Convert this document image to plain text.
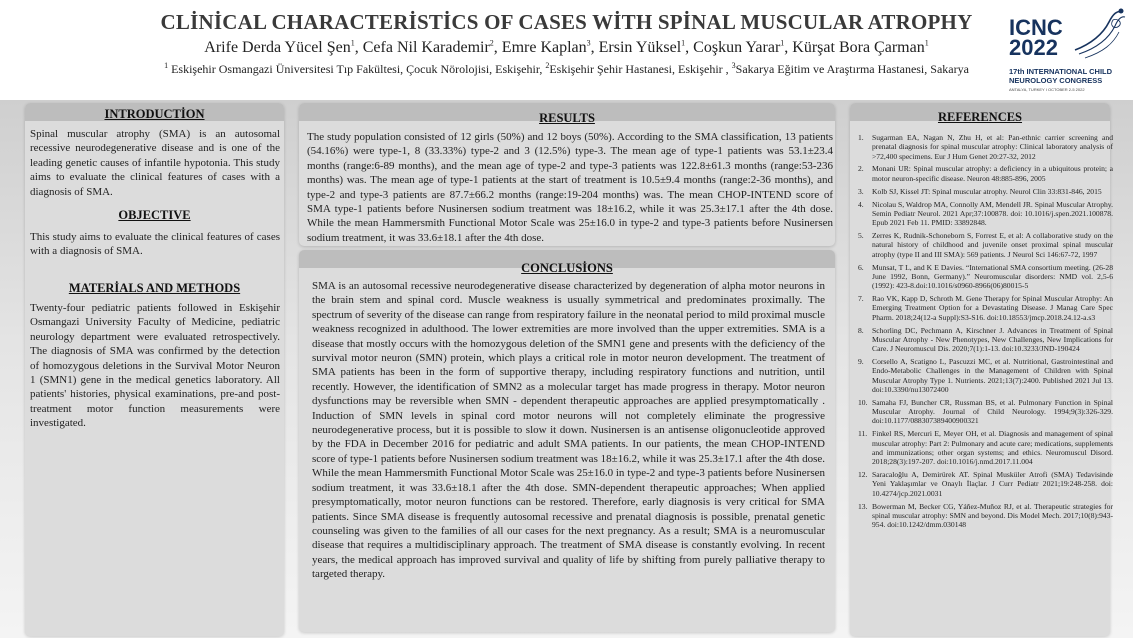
CLİNİCAL CHARACTERİSTİCS OF CASES WİTH SPİNAL MUSCULAR ATROPHY
Arife Derda Yücel Şen$^1$, Cefa Nil Karademir$^2$, Emre Kaplan$^3$, Ersin Yüksel$^1$, Coşkun Yarar$^1$, Kürşat Bora Çarman$^1$
$^1$ Eskişehir Osmangazi Üniversitesi Tıp Fakültesi, Çocuk Nörolojisi, Eskişehir, $^2$Eskişehir Şehir Hastanesi, Eskişehir , $^3$Sakarya Eğitim ve Araştırma Hastanesi, Sakarya
ICNC
2022
17th INTERNATIONAL CHILD NEUROLOGY CONGRESS
ANTALYA, TURKEY I OCTOBER 2-5 2022
INTRODUCTİON
Spinal muscular atrophy (SMA) is an autosomal recessive neurodegenerative disease and is one of the leading genetic causes of infantile hypotonia. This study aims to evaluate the clinical features of cases with a diagnosis of SMA.
OBJECTIVE
This study aims to evaluate the clinical features of cases with a diagnosis of SMA.
MATERİALS AND METHODS
Twenty-four pediatric patients followed in Eskişehir Osmangazi University Faculty of Medicine, pediatric neurology department were evaluated retrospectively. The diagnosis of SMA was confirmed by the detection of homozygous deletions in the Survival Motor Neuron 1 (SMN1) gene in the medical genetics laboratory. All patients' histories, physical examinations, pre-and post-treatment motor function measurements were investigated.
RESULTS
The study population consisted of 12 girls (50%) and 12 boys (50%). According to the SMA classification, 13 patients (54.16%) were type-1, 8 (33.33%) type-2 and 3 (12.5%) type-3. The mean age of type-1 patients was 53.1±23.4 months (range:6-89 months), and the mean age of type-2 and type-3 patients was 122.8±61.3 months (range:53-236 months) was. The mean age of type-1 patients at the start of treatment is 10.5±9.4 months (range:2-36 months), and type-2 and type-3 patients are 87.7±66.2 months (range:19-204 months) was. The mean CHOP-INTEND score of SMA type-1 patients before Nusinersen sodium treatment was 18±16.2, while it was 25.3±17.1 after the 4th dose. While the mean Hammersmith Functional Motor Scale was 25±16.0 in type-2 and type-3 patients before Nusinersen sodium treatment, it was 33.6±18.1 after the 4th dose.
CONCLUSİONS
SMA is an autosomal recessive neurodegenerative disease characterized by degeneration of alpha motor neurons in the brain stem and spinal cord. Muscle weakness is usually symmetrical and predominates proximally. The spectrum of severity of the disease can range from respiratory failure in the neonatal period to mild proximal muscle weakness recognized in adulthood. The lower extremities are more involved than the upper extremities. SMA is a disease that mostly occurs with the homozygous deletion of the SMN1 gene and presents with the deficiency of the survival motor neuron (SMN) protein, which plays a critical role in motor neuron development. The treatment of SMA patients has been in the form of supportive therapy, including respiratory functions and nutrition, until recently. However, the identification of SMN2 as a molecular target has made progress in therapy. Motor neuron dysfunctions may be reversible when SMN - dependent therapeutic approaches are applied presymptomatically . Induction of SMN levels in spinal cord motor neurons will not completely eliminate the progressive neurodegenerative process, but it is possible to slow it down. Nusinersen is an antisense oligonucleotide approved by the FDA in December 2016 for pediatric and adult SMA patients. In our patients, the mean CHOP-INTEND score of type-1 patients before Nusinersen sodium treatment was 18±16.2, while it was 25.3±17.1 after the 4th dose. While the mean Hammersmith Functional Motor Scale was 25±16.0 in type-2 and type-3 patients before Nusinersen sodium treatment, it was 33.6±18.1 after the 4th dose. SMN-dependent therapeutic approaches; When applied presymptomatically, motor neuron functions can be restored. Therefore, early diagnosis is very critical for SMA patients. Since SMA disease is frequently autosomal recessive and prenatal diagnosis is possible, prenatal genetic counseling was given to the families of all our cases for the next pregnancy. As a result; SMA is a neuromuscular disease that requires a multidisciplinary approach. The treatment of SMA disease is constantly evolving. In recent years, the medical approach has improved survival and quality of life by shifting from purely palliative therapy to targeted therapy.
REFERENCES
1. Sugarman EA, Nagan N, Zhu H, et al: Pan-ethnic carrier screening and prenatal diagnosis for spinal muscular atrophy: Clinical laboratory analysis of >72,400 specimens. Eur J Hum Genet 20:27-32, 2012
2. Monani UR: Spinal muscular atrophy: a deficiency in a ubiquitous protein; a motor neuron-specific disease. Neuron 48:885-896, 2005
3. Kolb SJ, Kissel JT: Spinal muscular atrophy. Neurol Clin 33:831-846, 2015
4. Nicolau S, Waldrop MA, Connolly AM, Mendell JR. Spinal Muscular Atrophy. Semin Pediatr Neurol. 2021 Apr;37:100878. doi: 10.1016/j.spen.2021.100878. Epub 2021 Feb 11. PMID: 33892848.
5. Zerres K, Rudnik-Schoneborn S, Forrest E, et al: A collaborative study on the natural history of childhood and juvenile onset proximal spinal muscular atrophy (type II and III SMA): 569 patients. J Neurol Sci 146:67-72, 1997
6. Munsat, T L, and K E Davies. “International SMA consortium meeting. (26-28 June 1992, Bonn, Germany).” Neuromuscular disorders: NMD vol. 2,5-6 (1992): 423-8.doi:10.1016/s0960-8966(06)80015-5
7. Rao VK, Kapp D, Schroth M. Gene Therapy for Spinal Muscular Atrophy: An Emerging Treatment Option for a Devastating Disease. J Manag Care Spec Pharm. 2018;24(12-a Suppl):S3-S16. doi:10.18553/jmcp.2018.24.12-a.s3
8. Schorling DC, Pechmann A, Kirschner J. Advances in Treatment of Spinal Muscular Atrophy - New Phenotypes, New Challenges, New Implications for Care. J Neuromuscul Dis. 2020;7(1):1-13. doi:10.3233/JND-190424
9. Corsello A, Scatigno L, Pascuzzi MC, et al. Nutritional, Gastrointestinal and Endo-Metabolic Challenges in the Management of Children with Spinal Muscular Atrophy Type 1. Nutrients. 2021;13(7):2400. Published 2021 Jul 13. doi:10.3390/nu13072400
10. Samaha FJ, Buncher CR, Russman BS, et al. Pulmonary Function in Spinal Muscular Atrophy. Journal of Child Neurology. 1994;9(3):326-329. doi:10.1177/088307389400900321
11. Finkel RS, Mercuri E, Meyer OH, et al. Diagnosis and management of spinal muscular atrophy: Part 2: Pulmonary and acute care; medications, supplements and immunizations; other organ systems; and ethics. Neuromuscul Disord. 2018;28(3):197-207. doi:10.1016/j.nmd.2017.11.004
12. Saracaloğlu A, Demirürek AT. Spinal Musküler Atrofi (SMA) Tedavisinde Yeni Yaklaşımlar ve Onaylı İlaçlar. J Curr Pediatr 2021;19:248-258. doi: 10.4274/jcp.2021.0031
13. Bowerman M, Becker CG, Yáñez-Muñoz RJ, et al. Therapeutic strategies for spinal muscular atrophy: SMN and beyond. Dis Model Mech. 2017;10(8):943-954. doi:10.1242/dmm.030148
